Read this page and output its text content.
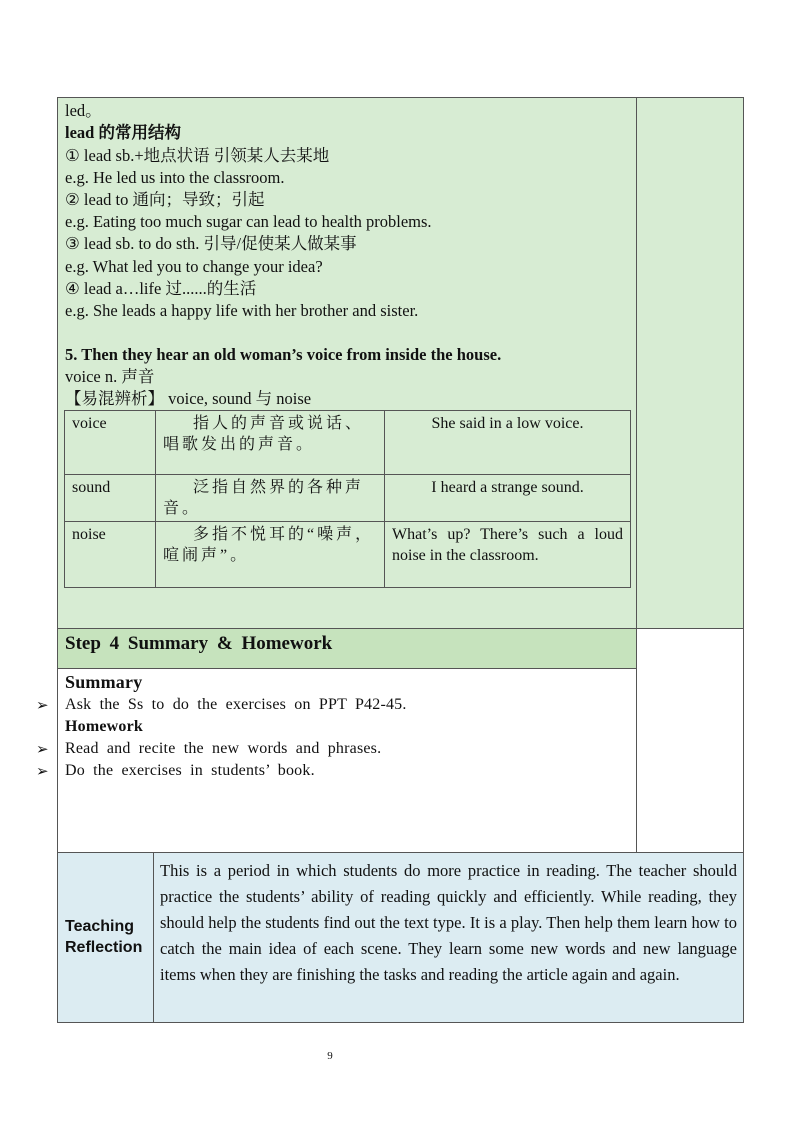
led。
lead 的常用结构
① lead sb.+地点状语 引领某人去某地
e.g. He led us into the classroom.
② lead to 通向；导致；引起
e.g. Eating too much sugar can lead to health problems.
③ lead sb. to do sth. 引导/促使某人做某事
e.g. What led you to change your idea?
④ lead a…life 过......的生活
e.g. She leads a happy life with her brother and sister.
5. Then they hear an old woman’s voice from inside the house.
voice n. 声音
【易混辨析】 voice, sound 与 noise
voice	指人的声音或说话、唱歌发出的声音。	She said in a low voice.
sound	泛指自然界的各种声音。	I heard a strange sound.
noise	多指不悦耳的“噪声，喧闹声”。	What’s up? There’s such a loud noise in the classroom.
Step 4 Summary & Homework
Summary
➢ Ask the Ss to do the exercises on PPT P42-45.
Homework
➢ Read and recite the new words and phrases.
➢ Do the exercises in students’ book.
Teaching Reflection
This is a period in which students do more practice in reading. The teacher should practice the students’ ability of reading quickly and efficiently. While reading, they should help the students find out the text type. It is a play. Then help them learn how to catch the main idea of each scene. They learn some new words and new language items when they are finishing the tasks and reading the article again and again.
9
